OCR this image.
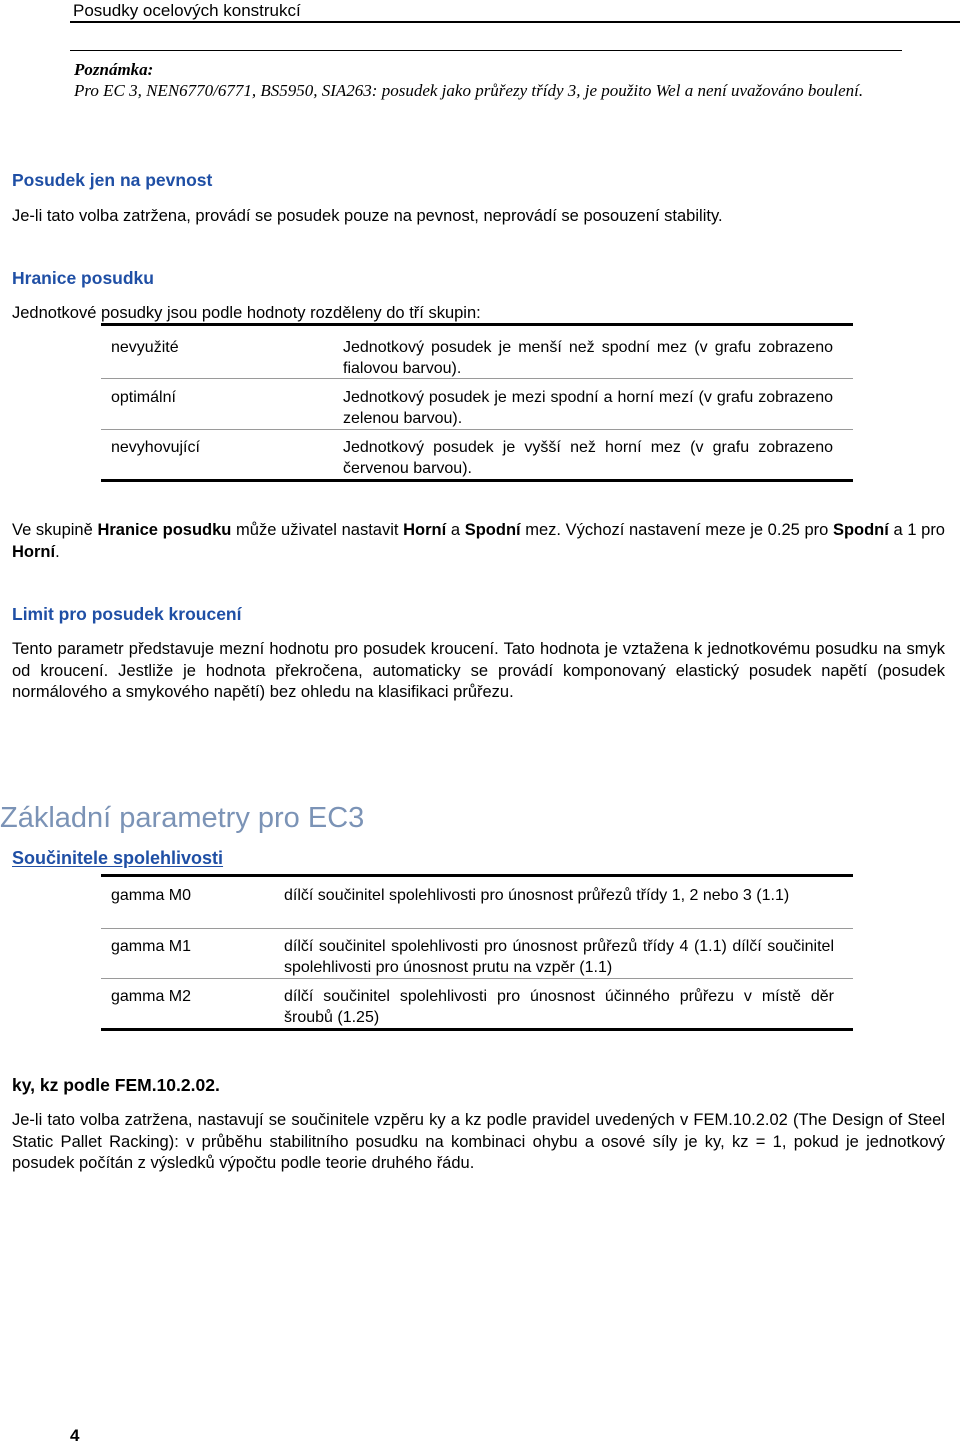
Posudky ocelových konstrukcí
Poznámka:
Pro EC 3, NEN6770/6771, BS5950, SIA263: posudek jako průřezy třídy 3, je použito Wel a není uvažováno boulení.
Posudek jen na pevnost
Je-li tato volba zatržena, provádí se posudek pouze na pevnost, neprovádí se posouzení stability.
Hranice posudku
Jednotkové posudky jsou podle hodnoty rozděleny do tří skupin:
nevyužité	Jednotkový posudek je menší než spodní mez (v grafu zobrazeno fialovou barvou).
optimální	Jednotkový posudek je mezi spodní a horní mezí (v grafu zobrazeno zelenou barvou).
nevyhovující	Jednotkový posudek je vyšší než horní mez (v grafu zobrazeno červenou barvou).
Ve skupině Hranice posudku může uživatel nastavit Horní a Spodní mez. Výchozí nastavení meze je 0.25 pro Spodní a 1 pro Horní.
Limit pro posudek kroucení
Tento parametr představuje mezní hodnotu pro posudek kroucení. Tato hodnota je vztažena k jednotkovému posudku na smyk od kroucení. Jestliže je hodnota překročena, automaticky se provádí komponovaný elastický posudek napětí (posudek normálového a smykového napětí) bez ohledu na klasifikaci průřezu.
Základní parametry pro EC3
Součinitele spolehlivosti
gamma M0	dílčí součinitel spolehlivosti pro únosnost průřezů třídy 1, 2 nebo 3 (1.1)
gamma M1	dílčí součinitel spolehlivosti pro únosnost průřezů třídy 4 (1.1) dílčí součinitel spolehlivosti pro únosnost prutu na vzpěr (1.1)
gamma M2	dílčí součinitel spolehlivosti pro únosnost účinného průřezu v místě děr šroubů (1.25)
ky, kz podle FEM.10.2.02.
Je-li tato volba zatržena, nastavují se součinitele vzpěru ky a kz podle pravidel uvedených v FEM.10.2.02 (The Design of Steel Static Pallet Racking): v průběhu stabilitního posudku na kombinaci ohybu a osové síly je ky, kz = 1, pokud je jednotkový posudek počítán z výsledků výpočtu podle teorie druhého řádu.
4
